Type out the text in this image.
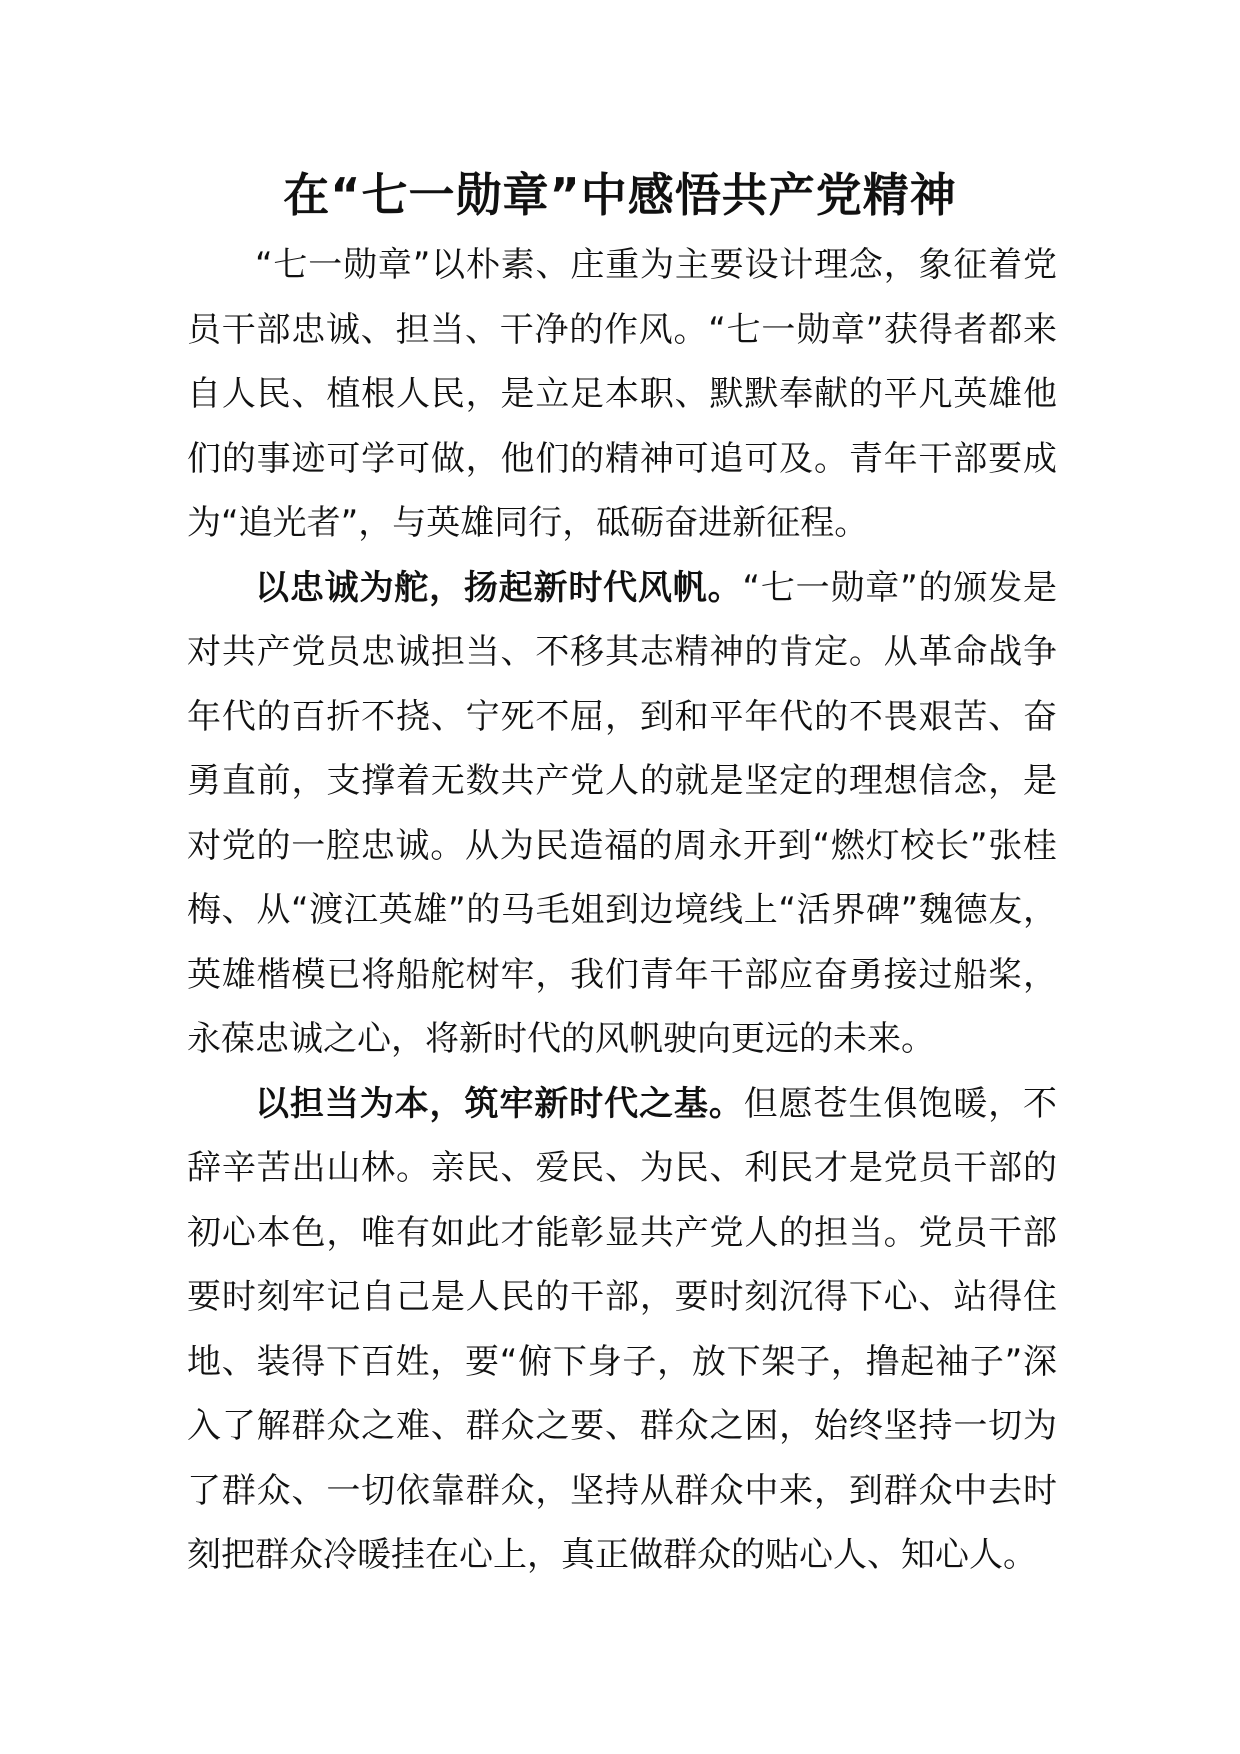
在“七一勋章”中感悟共产党精神

“七一勋章”以朴素、庄重为主要设计理念，象征着党员干部忠诚、担当、干净的作风。“七一勋章”获得者都来自人民、植根人民，是立足本职、默默奉献的平凡英雄他们的事迹可学可做，他们的精神可追可及。青年干部要成为“追光者”，与英雄同行，砥砺奋进新征程。

以忠诚为舵，扬起新时代风帆。“七一勋章”的颁发是对共产党员忠诚担当、不移其志精神的肯定。从革命战争年代的百折不挠、宁死不屈，到和平年代的不畏艰苦、奋勇直前，支撑着无数共产党人的就是坚定的理想信念，是对党的一腔忠诚。从为民造福的周永开到“燃灯校长”张桂梅、从“渡江英雄”的马毛姐到边境线上“活界碑”魏德友，英雄楷模已将船舵树牢，我们青年干部应奋勇接过船桨，永葆忠诚之心，将新时代的风帆驶向更远的未来。

以担当为本，筑牢新时代之基。但愿苍生俱饱暖，不辞辛苦出山林。亲民、爱民、为民、利民才是党员干部的初心本色，唯有如此才能彰显共产党人的担当。党员干部要时刻牢记自己是人民的干部，要时刻沉得下心、站得住地、装得下百姓，要“俯下身子，放下架子，撸起袖子”深入了解群众之难、群众之要、群众之困，始终坚持一切为了群众、一切依靠群众，坚持从群众中来，到群众中去时刻把群众冷暖挂在心上，真正做群众的贴心人、知心人。
